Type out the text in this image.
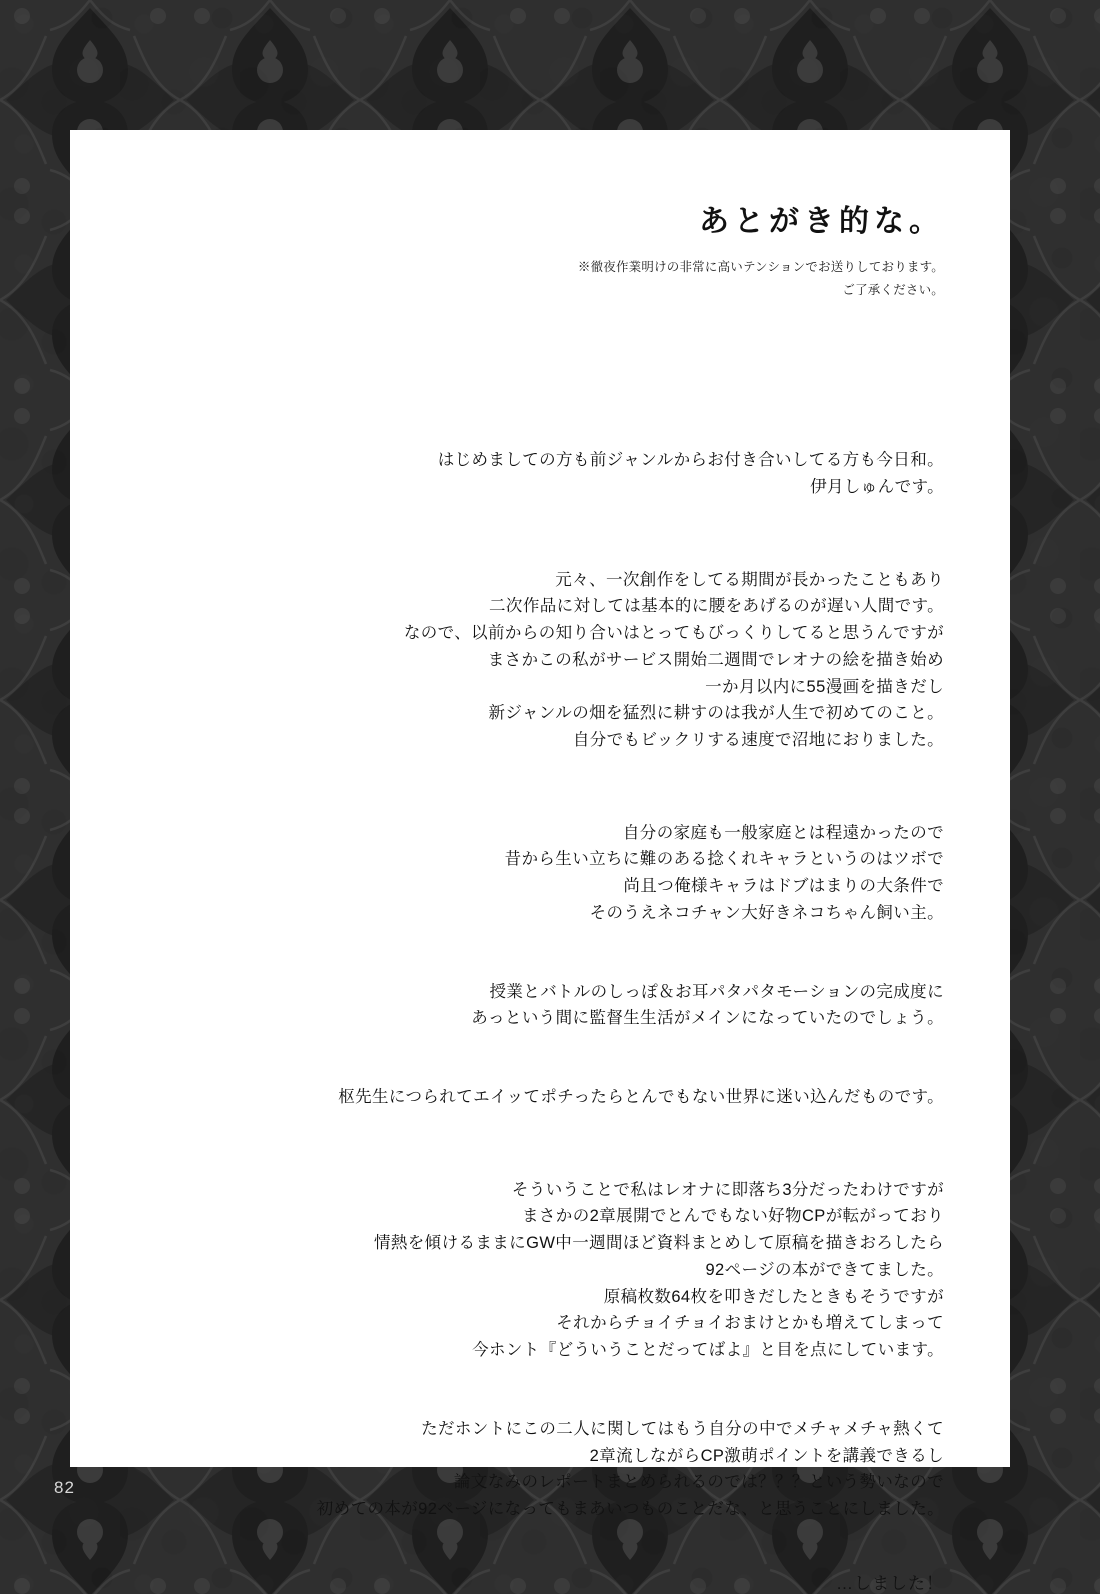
あとがき的な。
※徹夜作業明けの非常に高いテンションでお送りしております。
ご了承ください。

はじめましての方も前ジャンルからお付き合いしてる方も今日和。

伊月しゅんです。

元々、一次創作をしてる期間が長かったこともあり

二次作品に対しては基本的に腰をあげるのが遅い人間です。

なので、以前からの知り合いはとってもびっくりしてると思うんですが

まさかこの私がサービス開始二週間でレオナの絵を描き始め

一か月以内に55漫画を描きだし

新ジャンルの畑を猛烈に耕すのは我が人生で初めてのこと。

自分でもビックリする速度で沼地におりました。

自分の家庭も一般家庭とは程遠かったので

昔から生い立ちに難のある捻くれキャラというのはツボで

尚且つ俺様キャラはドブはまりの大条件で

そのうえネコチャン大好きネコちゃん飼い主。

授業とバトルのしっぽ＆お耳パタパタモーションの完成度に

あっという間に監督生生活がメインになっていたのでしょう。

枢先生につられてエイッてポチったらとんでもない世界に迷い込んだものです。

そういうことで私はレオナに即落ち3分だったわけですが

まさかの2章展開でとんでもない好物CPが転がっており

情熱を傾けるままにGW中一週間ほど資料まとめして原稿を描きおろしたら

92ページの本ができてました。

原稿枚数64枚を叩きだしたときもそうですが

それからチョイチョイおまけとかも増えてしまって

今ホント『どういうことだってばよ』と目を点にしています。

ただホントにこの二人に関してはもう自分の中でメチャメチャ熱くて

2章流しながらCP激萌ポイントを講義できるし

論文なみのレポートまとめられるのでは？？？という勢いなので

初めての本が92ページになってもまあいつものことだな、と思うことにしました。

…しました！
82
